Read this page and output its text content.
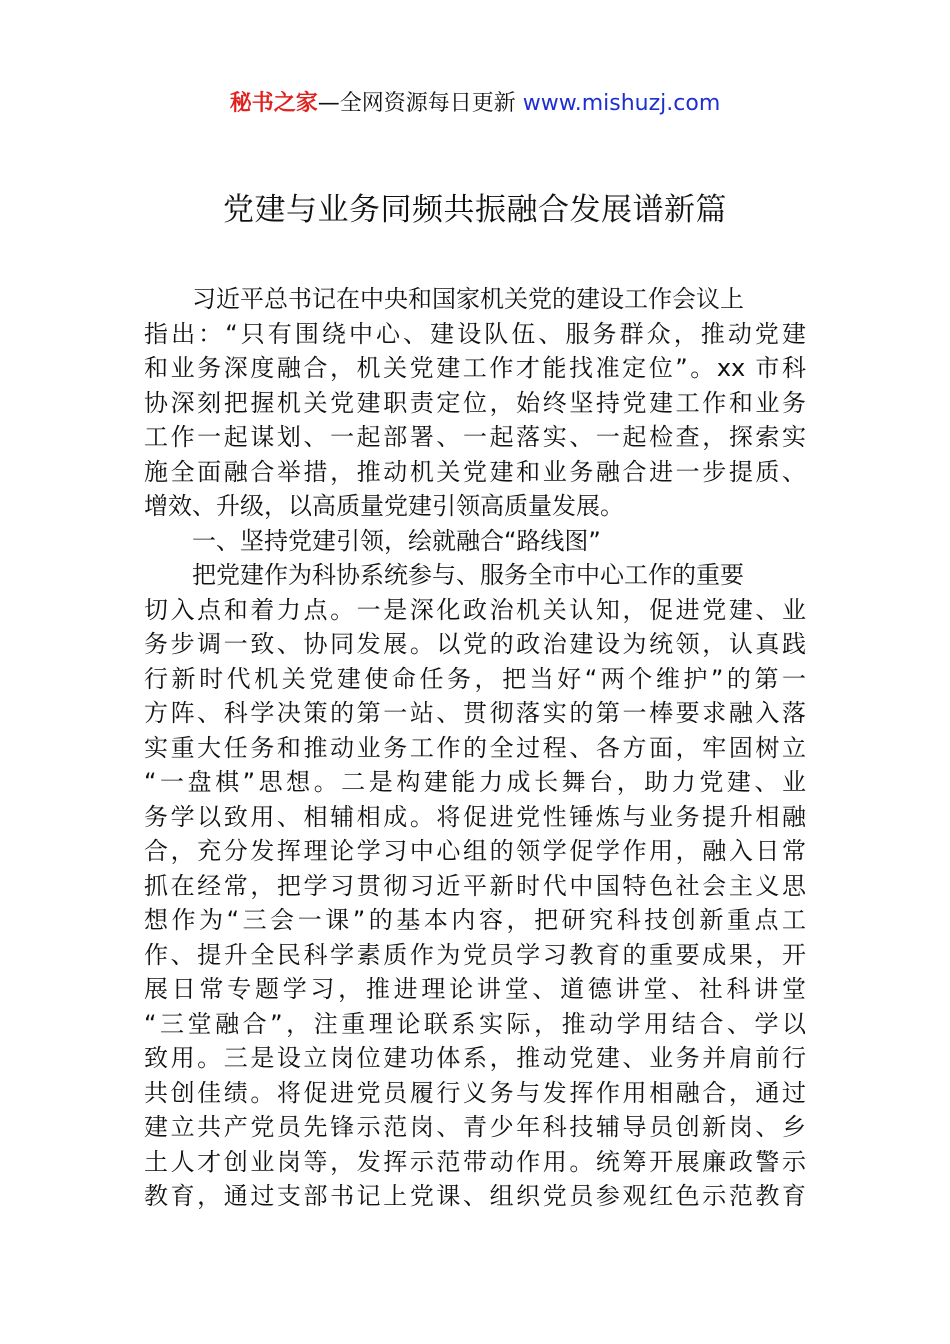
秘书之家—全网资源每日更新 www.mishuzj.com
党建与业务同频共振融合发展谱新篇
习近平总书记在中央和国家机关党的建设工作会议上
指出：“只有围绕中心、建设队伍、服务群众，推动党建
和业务深度融合，机关党建工作才能找准定位”。xx 市科
协深刻把握机关党建职责定位，始终坚持党建工作和业务
工作一起谋划、一起部署、一起落实、一起检查，探索实
施全面融合举措，推动机关党建和业务融合进一步提质、
增效、升级，以高质量党建引领高质量发展。
一、坚持党建引领，绘就融合“路线图”
把党建作为科协系统参与、服务全市中心工作的重要
切入点和着力点。一是深化政治机关认知，促进党建、业
务步调一致、协同发展。以党的政治建设为统领，认真践
行新时代机关党建使命任务，把当好“两个维护”的第一
方阵、科学决策的第一站、贯彻落实的第一棒要求融入落
实重大任务和推动业务工作的全过程、各方面，牢固树立
“一盘棋”思想。二是构建能力成长舞台，助力党建、业
务学以致用、相辅相成。将促进党性锤炼与业务提升相融
合，充分发挥理论学习中心组的领学促学作用，融入日常
抓在经常，把学习贯彻习近平新时代中国特色社会主义思
想作为“三会一课”的基本内容，把研究科技创新重点工
作、提升全民科学素质作为党员学习教育的重要成果，开
展日常专题学习，推进理论讲堂、道德讲堂、社科讲堂
“三堂融合”，注重理论联系实际，推动学用结合、学以
致用。三是设立岗位建功体系，推动党建、业务并肩前行
共创佳绩。将促进党员履行义务与发挥作用相融合，通过
建立共产党员先锋示范岗、青少年科技辅导员创新岗、乡
土人才创业岗等，发挥示范带动作用。统筹开展廉政警示
教育，通过支部书记上党课、组织党员参观红色示范教育
